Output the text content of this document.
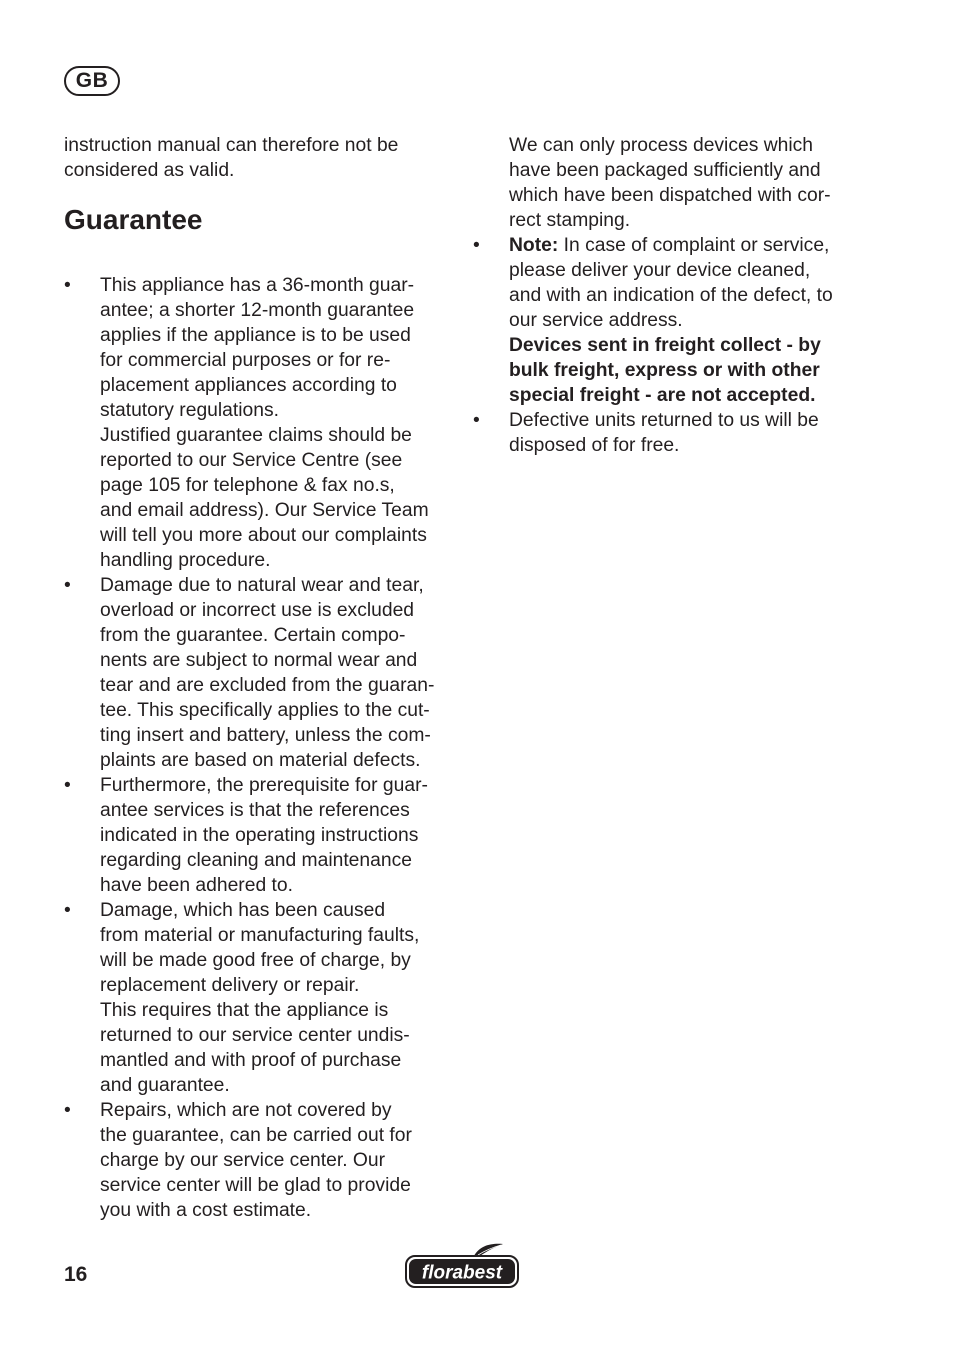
GB
instruction manual can therefore not be
considered as valid.
Guarantee
• This appliance has a 36-month guar-
antee; a shorter 12-month guarantee
applies if the appliance is to be used
for commercial purposes or for re-
placement appliances according to
statutory regulations.
Justified guarantee claims should be
reported to our Service Centre (see
page 105 for telephone & fax no.s,
and email address). Our Service Team
will tell you more about our complaints
handling procedure.
• Damage due to natural wear and tear,
overload or incorrect use is excluded
from the guarantee. Certain compo-
nents are subject to normal wear and
tear and are excluded from the guaran-
tee. This specifically applies to the cut-
ting insert and battery, unless the com-
plaints are based on material defects.
• Furthermore, the prerequisite for guar-
antee services is that the references
indicated in the operating instructions
regarding cleaning and maintenance
have been adhered to.
• Damage, which has been caused
from material or manufacturing faults,
will be made good free of charge, by
replacement delivery or repair.
This requires that the appliance is
returned to our service center undis-
mantled and with proof of purchase
and guarantee.
• Repairs, which are not covered by
the guarantee, can be carried out for
charge by our service center. Our
service center will be glad to provide
you with a cost estimate.
We can only process devices which
have been packaged sufficiently and
which have been dispatched with cor-
rect stamping.
• Note: In case of complaint or service,
please deliver your device cleaned,
and with an indication of the defect, to
our service address.
Devices sent in freight collect - by
bulk freight, express or with other
special freight - are not accepted.
• Defective units returned to us will be
disposed of for free.
16	florabest
